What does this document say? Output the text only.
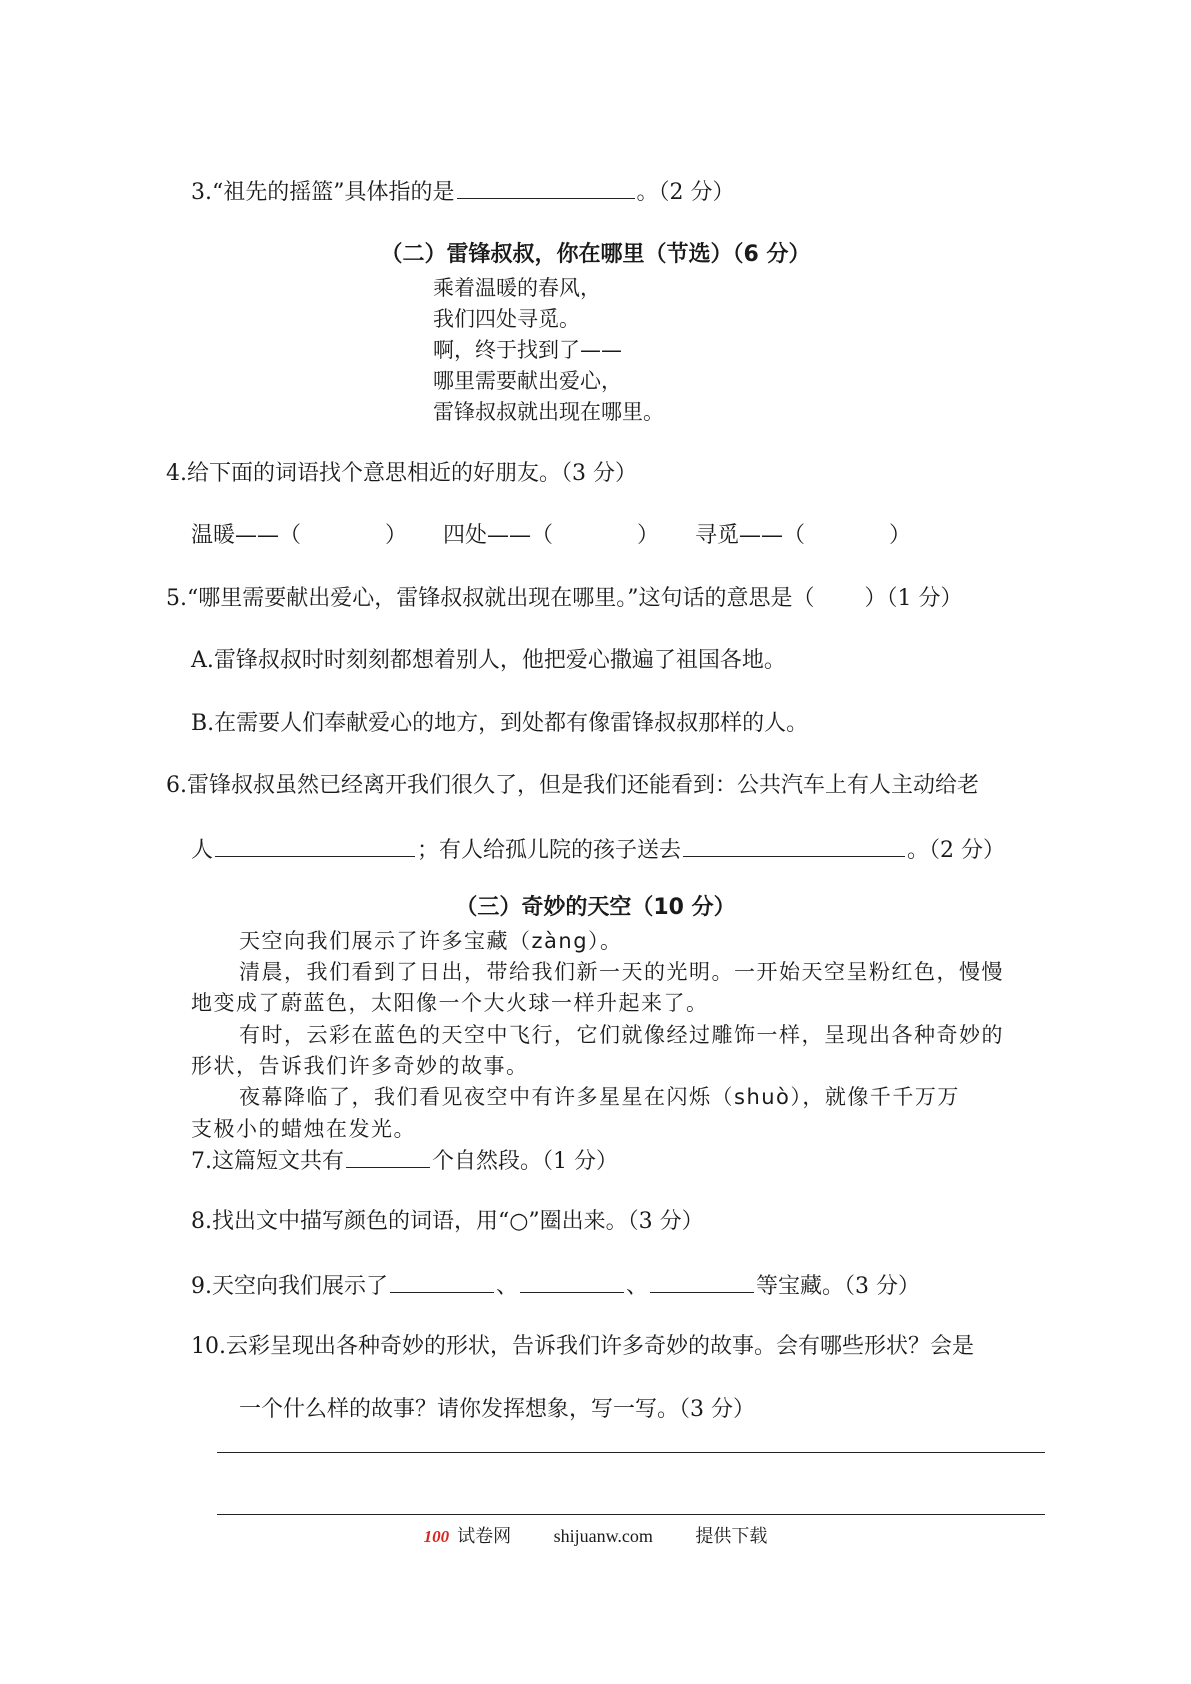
3.“祖先的摇篮”具体指的是	。（2 分）
（二）雷锋叔叔，你在哪里（节选）（6 分）
乘着温暖的春风，
我们四处寻觅。
啊，终于找到了——
哪里需要献出爱心，
雷锋叔叔就出现在哪里。
4.给下面的词语找个意思相近的好朋友。（3 分）
温暖——（	） 四处——（	） 寻觅——（	）
5.“哪里需要献出爱心，雷锋叔叔就出现在哪里。”这句话的意思是（ ）（1 分）
A.雷锋叔叔时时刻刻都想着别人，他把爱心撒遍了祖国各地。
B.在需要人们奉献爱心的地方，到处都有像雷锋叔叔那样的人。
6.雷锋叔叔虽然已经离开我们很久了，但是我们还能看到：公共汽车上有人主动给老
人	；有人给孤儿院的孩子送去	。（2 分）
（三）奇妙的天空（10 分）
天空向我们展示了许多宝藏（zàng）。
清晨，我们看到了日出，带给我们新一天的光明。一开始天空呈粉红色，慢慢
地变成了蔚蓝色，太阳像一个大火球一样升起来了。
有时，云彩在蓝色的天空中飞行，它们就像经过雕饰一样，呈现出各种奇妙的
形状，告诉我们许多奇妙的故事。
夜幕降临了，我们看见夜空中有许多星星在闪烁（shuò），就像千千万万
支极小的蜡烛在发光。
7.这篇短文共有	个自然段。（1 分）
8.找出文中描写颜色的词语，用“○”圈出来。（3 分）
9.天空向我们展示了	、	、	等宝藏。（3 分）
10.云彩呈现出各种奇妙的形状，告诉我们许多奇妙的故事。会有哪些形状？会是
一个什么样的故事？请你发挥想象，写一写。（3 分）
100 试卷网 shijuanw.com 提供下载
